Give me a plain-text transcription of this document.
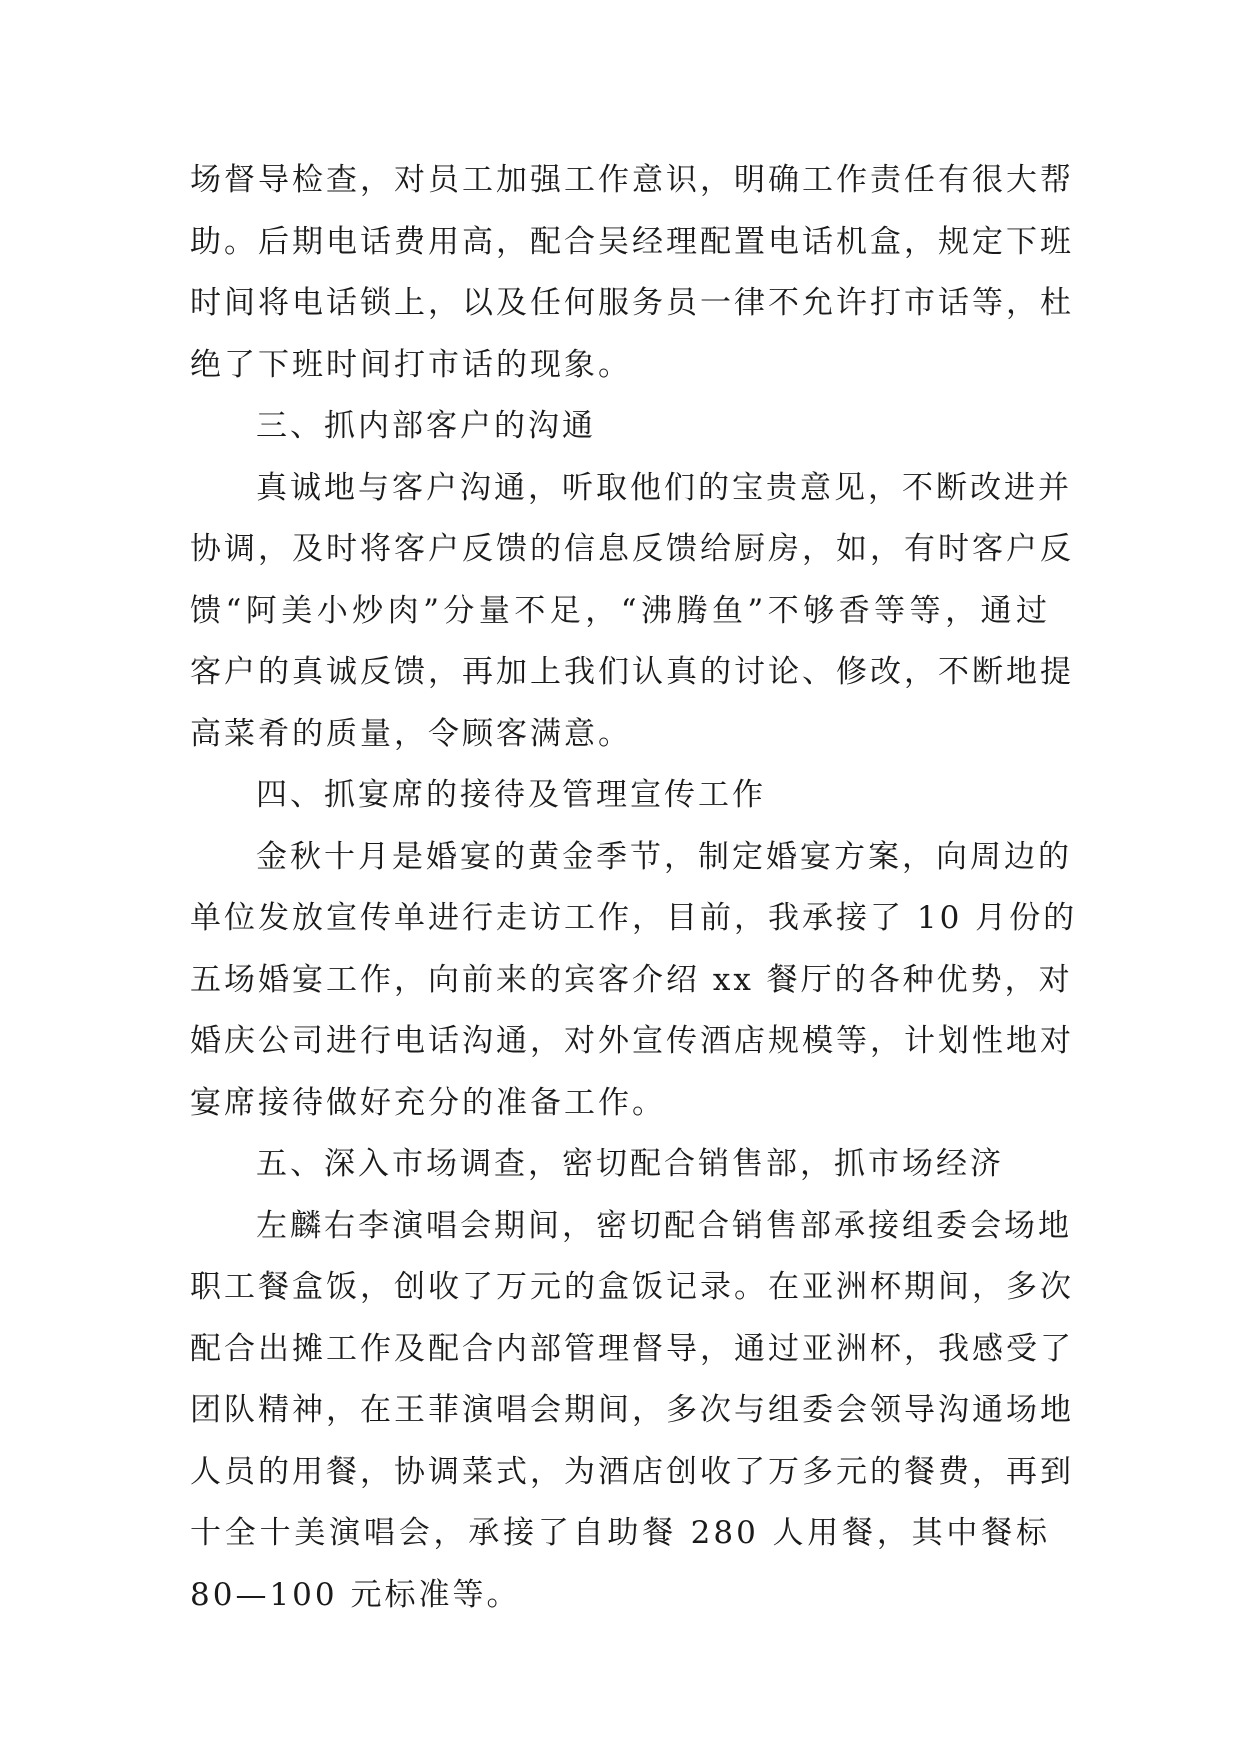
场督导检查，对员工加强工作意识，明确工作责任有很大帮
助。后期电话费用高，配合吴经理配置电话机盒，规定下班
时间将电话锁上，以及任何服务员一律不允许打市话等，杜
绝了下班时间打市话的现象。
三、抓内部客户的沟通
真诚地与客户沟通，听取他们的宝贵意见，不断改进并
协调，及时将客户反馈的信息反馈给厨房，如，有时客户反
馈“阿美小炒肉”分量不足，“沸腾鱼”不够香等等，通过
客户的真诚反馈，再加上我们认真的讨论、修改，不断地提
高菜肴的质量，令顾客满意。
四、抓宴席的接待及管理宣传工作
金秋十月是婚宴的黄金季节，制定婚宴方案，向周边的
单位发放宣传单进行走访工作，目前，我承接了 10 月份的
五场婚宴工作，向前来的宾客介绍 xx 餐厅的各种优势，对
婚庆公司进行电话沟通，对外宣传酒店规模等，计划性地对
宴席接待做好充分的准备工作。
五、深入市场调查，密切配合销售部，抓市场经济
左麟右李演唱会期间，密切配合销售部承接组委会场地
职工餐盒饭，创收了万元的盒饭记录。在亚洲杯期间，多次
配合出摊工作及配合内部管理督导，通过亚洲杯，我感受了
团队精神，在王菲演唱会期间，多次与组委会领导沟通场地
人员的用餐，协调菜式，为酒店创收了万多元的餐费，再到
十全十美演唱会，承接了自助餐 280 人用餐，其中餐标
80—100 元标准等。
